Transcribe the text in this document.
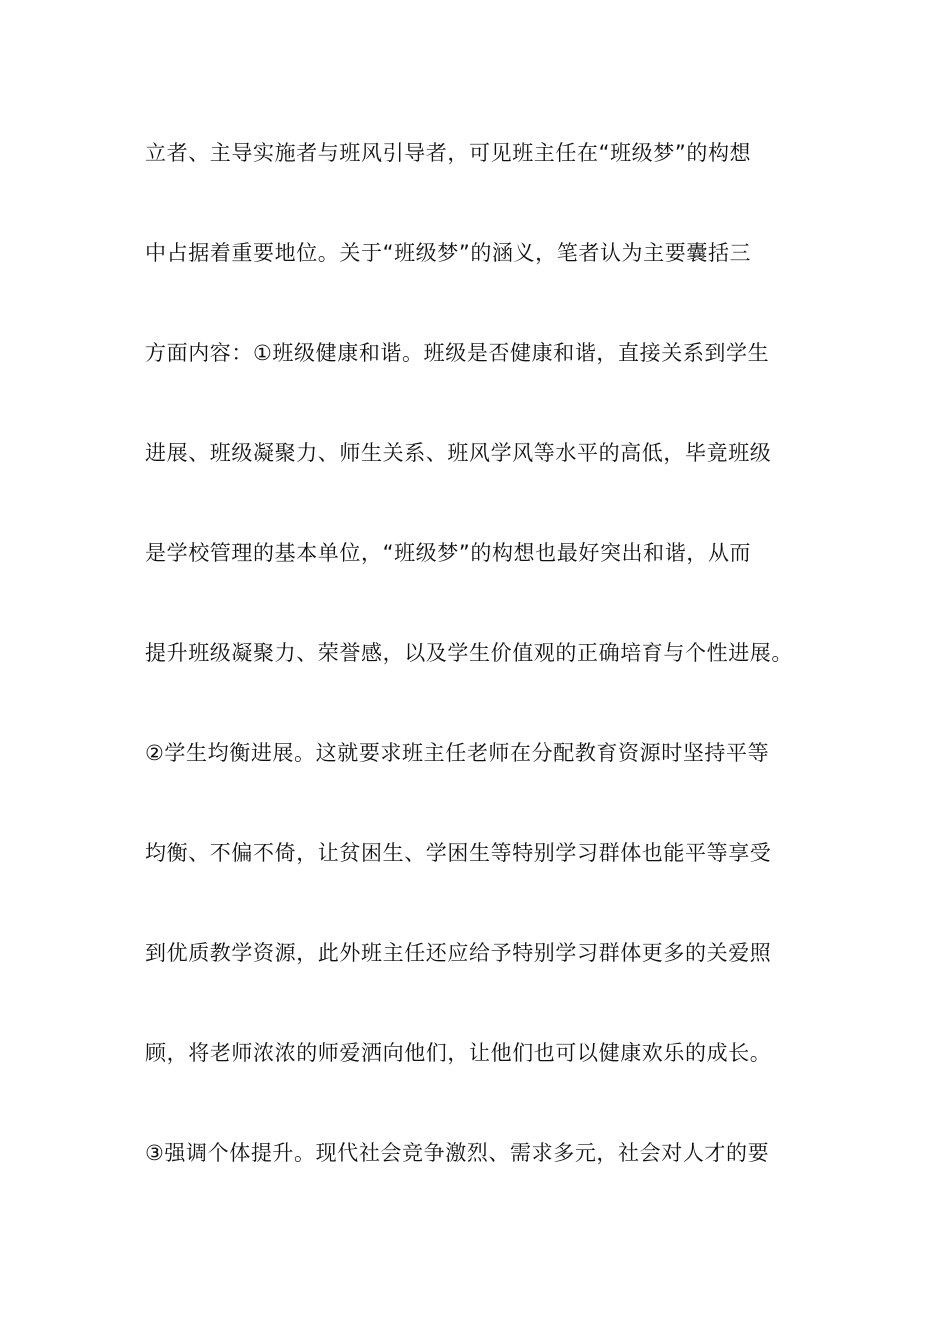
立者、主导实施者与班风引导者，可见班主任在“班级梦”的构想
中占据着重要地位。关于“班级梦”的涵义，笔者认为主要囊括三
方面内容：①班级健康和谐。班级是否健康和谐，直接关系到学生
进展、班级凝聚力、师生关系、班风学风等水平的高低，毕竟班级
是学校管理的基本单位，“班级梦”的构想也最好突出和谐，从而
提升班级凝聚力、荣誉感，以及学生价值观的正确培育与个性进展。
②学生均衡进展。这就要求班主任老师在分配教育资源时坚持平等
均衡、不偏不倚，让贫困生、学困生等特别学习群体也能平等享受
到优质教学资源，此外班主任还应给予特别学习群体更多的关爱照
顾，将老师浓浓的师爱洒向他们，让他们也可以健康欢乐的成长。
③强调个体提升。现代社会竞争激烈、需求多元，社会对人才的要
